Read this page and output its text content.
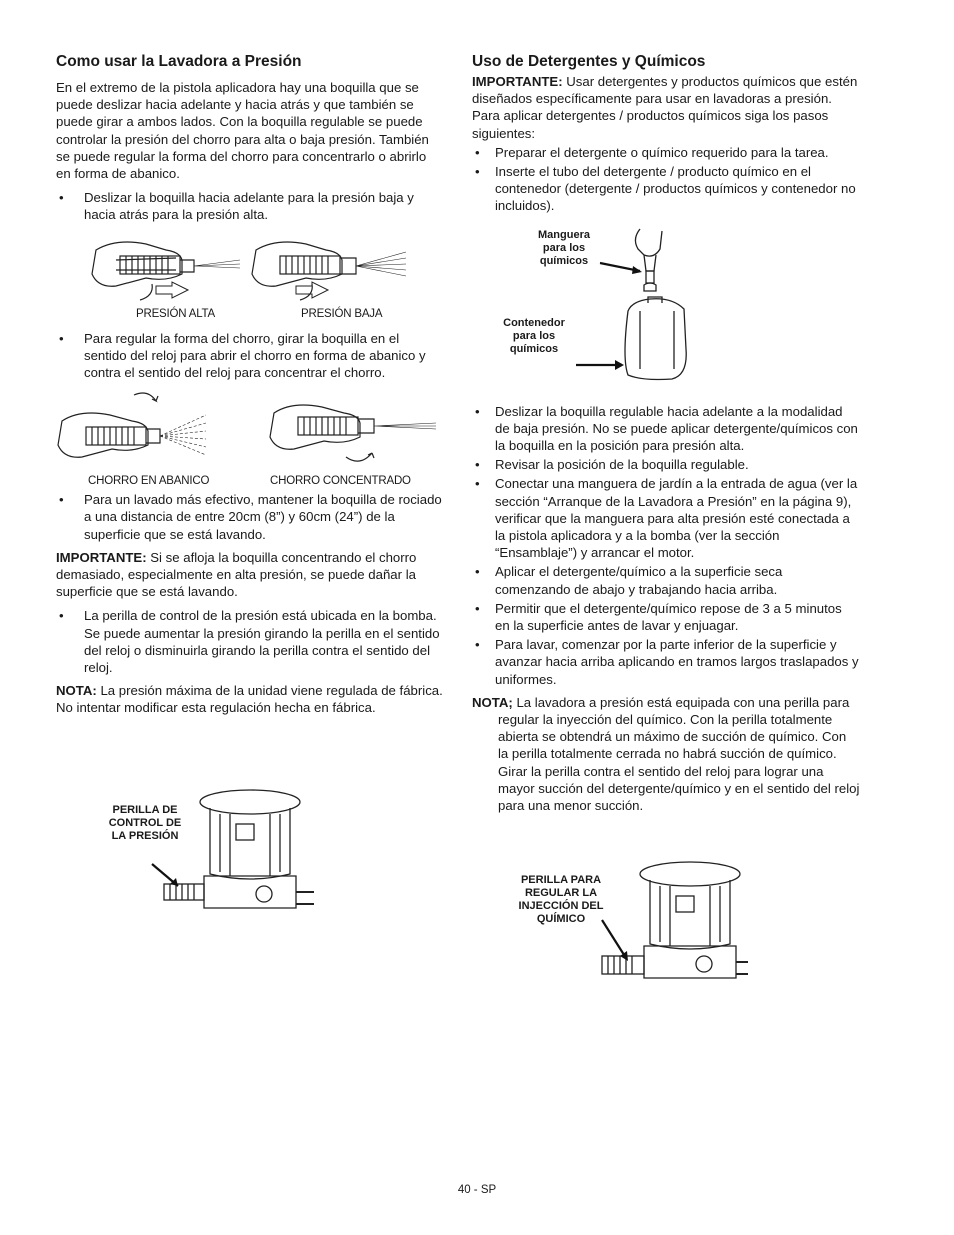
Como usar la Lavadora a Presión

En el extremo de la pistola aplicadora hay una boquilla que se puede deslizar hacia adelante y hacia atrás y que también se puede girar a ambos lados. Con la boquilla regulable se puede controlar la presión del chorro para alta o baja presión. También se puede regular la forma del chorro para concentrarlo o abrirlo en forma de abanico.

• Deslizar la boquilla hacia adelante para la presión baja y hacia atrás para la presión alta.
PRESIÓN ALTA	PRESIÓN BAJA
• Para regular la forma del chorro, girar la boquilla en el sentido del reloj para abrir el chorro en forma de abanico y contra el sentido del reloj para concentrar el chorro.
CHORRO EN ABANICO	CHORRO CONCENTRADO
• Para un lavado más efectivo, mantener la boquilla de rociado a una distancia de entre 20cm (8”) y 60cm (24”) de la superficie que se está lavando.

IMPORTANTE: Si se afloja la boquilla concentrando el chorro demasiado, especialmente en alta presión, se puede dañar la superficie que se está lavando.

• La perilla de control de la presión está ubicada en la bomba. Se puede aumentar la presión girando la perilla en el sentido del reloj o disminuirla girando la perilla contra el sentido del reloj.

NOTA: La presión máxima de la unidad viene regulada de fábrica. No intentar modificar esta regulación hecha en fábrica.

PERILLA DE CONTROL DE LA PRESIÓN
Uso de Detergentes y Químicos

IMPORTANTE: Usar detergentes y productos químicos que estén diseñados específicamente para usar en lavadoras a presión. Para aplicar detergentes / productos químicos siga los pasos siguientes:

• Preparar el detergente o químico requerido para la tarea.
• Inserte el tubo del detergente / producto químico en el contenedor (detergente / productos químicos y contenedor no incluidos).
Manguera para los químicos
Contenedor para los químicos
• Deslizar la boquilla regulable hacia adelante a la modalidad de baja presión. No se puede aplicar detergente/químicos con la boquilla en la posición para presión alta.
• Revisar la posición de la boquilla regulable.
• Conectar una manguera de jardín a la entrada de agua (ver la sección “Arranque de la Lavadora a Presión” en la página 9), verificar que la manguera para alta presión esté conectada a la pistola aplicadora y a la bomba (ver la sección “Ensamblaje”) y arrancar el motor.
• Aplicar el detergente/químico a la superficie seca comenzando de abajo y trabajando hacia arriba.
• Permitir que el detergente/químico repose de 3 a 5 minutos en la superficie antes de lavar y enjuagar.
• Para lavar, comenzar por la parte inferior de la superficie y avanzar hacia arriba aplicando en tramos largos traslapados y uniformes.

NOTA; La lavadora a presión está equipada con una perilla para regular la inyección del químico. Con la perilla totalmente abierta se obtendrá un máximo de succión de químico. Con la perilla totalmente cerrada no habrá succión de químico. Girar la perilla contra el sentido del reloj para lograr una mayor succión del detergente/químico y en el sentido del reloj para una menor succión.

PERILLA PARA REGULAR LA INJECCIÓN DEL QUÍMICO
40 - SP
